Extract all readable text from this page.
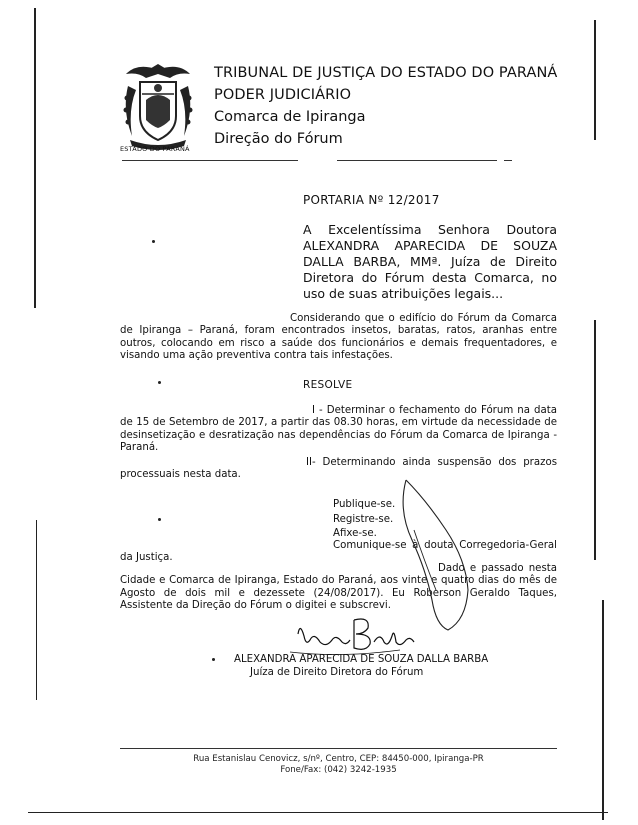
ESTADO DO PARANÁ
TRIBUNAL DE JUSTIÇA DO ESTADO DO PARANÁ
PODER JUDICIÁRIO
Comarca de Ipiranga
Direção do Fórum
PORTARIA Nº 12/2017
A Excelentíssima Senhora Doutora ALEXANDRA APARECIDA DE SOUZA DALLA BARBA, MMª. Juíza de Direito Diretora do Fórum desta Comarca, no uso de suas atribuições legais...
Considerando que o edifício do Fórum da Comarca de Ipiranga – Paraná, foram encontrados insetos, baratas, ratos, aranhas entre outros, colocando em risco a saúde dos funcionários e demais frequentadores, e visando uma ação preventiva contra tais infestações.
RESOLVE
I - Determinar o fechamento do Fórum na data de 15 de Setembro de 2017, a partir das 08.30 horas, em virtude da necessidade de desinsetização e desratização nas dependências do Fórum da Comarca de Ipiranga - Paraná.
II- Determinando ainda suspensão dos prazos processuais nesta data.
Publique-se.
Registre-se.
Afixe-se.
Comunique-se à douta Corregedoria-Geral da Justiça.
Dado e passado nesta Cidade e Comarca de Ipiranga, Estado do Paraná, aos vinte e quatro dias do mês de Agosto de dois mil e dezessete (24/08/2017). Eu Roberson Geraldo Taques, Assistente da Direção do Fórum o digitei e subscrevi.
ALEXANDRA APARECIDA DE SOUZA DALLA BARBA
Juíza de Direito Diretora do Fórum
Rua Estanislau Cenovicz, s/nº, Centro, CEP: 84450-000, Ipiranga-PR
Fone/Fax: (042) 3242-1935
